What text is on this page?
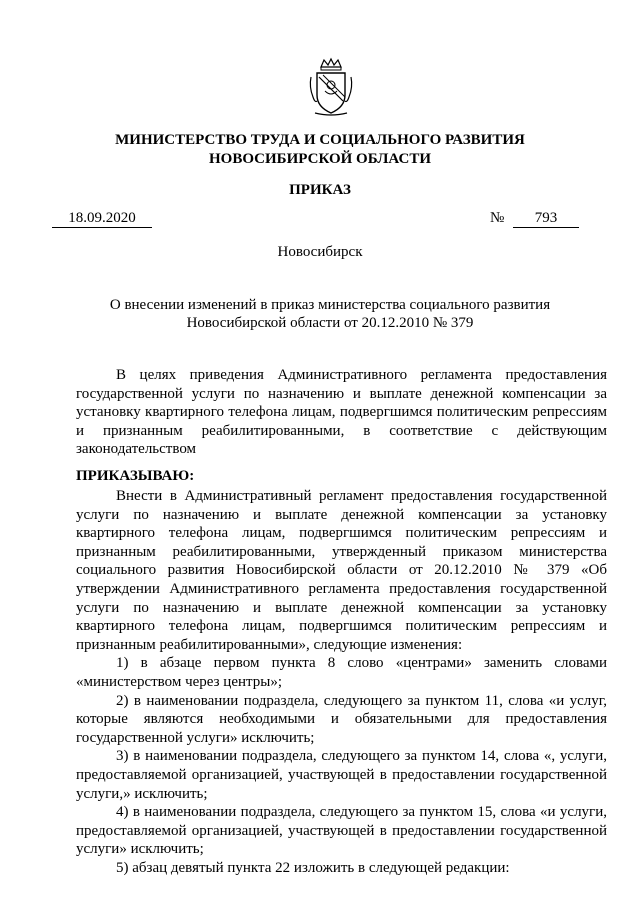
МИНИСТЕРСТВО ТРУДА И СОЦИАЛЬНОГО РАЗВИТИЯ
НОВОСИБИРСКОЙ ОБЛАСТИ
ПРИКАЗ
18.09.2020	№	793
Новосибирск
О внесении изменений в приказ министерства социального развития Новосибирской области от 20.12.2010 № 379

В целях приведения Административного регламента предоставления государственной услуги по назначению и выплате денежной компенсации за установку квартирного телефона лицам, подвергшимся политическим репрессиям и признанным реабилитированными, в соответствие с действующим законодательством

ПРИКАЗЫВАЮ:

Внести в Административный регламент предоставления государственной услуги по назначению и выплате денежной компенсации за установку квартирного телефона лицам, подвергшимся политическим репрессиям и признанным реабилитированными, утвержденный приказом министерства социального развития Новосибирской области от 20.12.2010 № 379 «Об утверждении Административного регламента предоставления государственной услуги по назначению и выплате денежной компенсации за установку квартирного телефона лицам, подвергшимся политическим репрессиям и признанным реабилитированными», следующие изменения:

1) в абзаце первом пункта 8 слово «центрами» заменить словами «министерством через центры»;

2) в наименовании подраздела, следующего за пунктом 11, слова «и услуг, которые являются необходимыми и обязательными для предоставления государственной услуги» исключить;

3) в наименовании подраздела, следующего за пунктом 14, слова «, услуги, предоставляемой организацией, участвующей в предоставлении государственной услуги,» исключить;

4) в наименовании подраздела, следующего за пунктом 15, слова «и услуги, предоставляемой организацией, участвующей в предоставлении государственной услуги» исключить;

5) абзац девятый пункта 22 изложить в следующей редакции:
